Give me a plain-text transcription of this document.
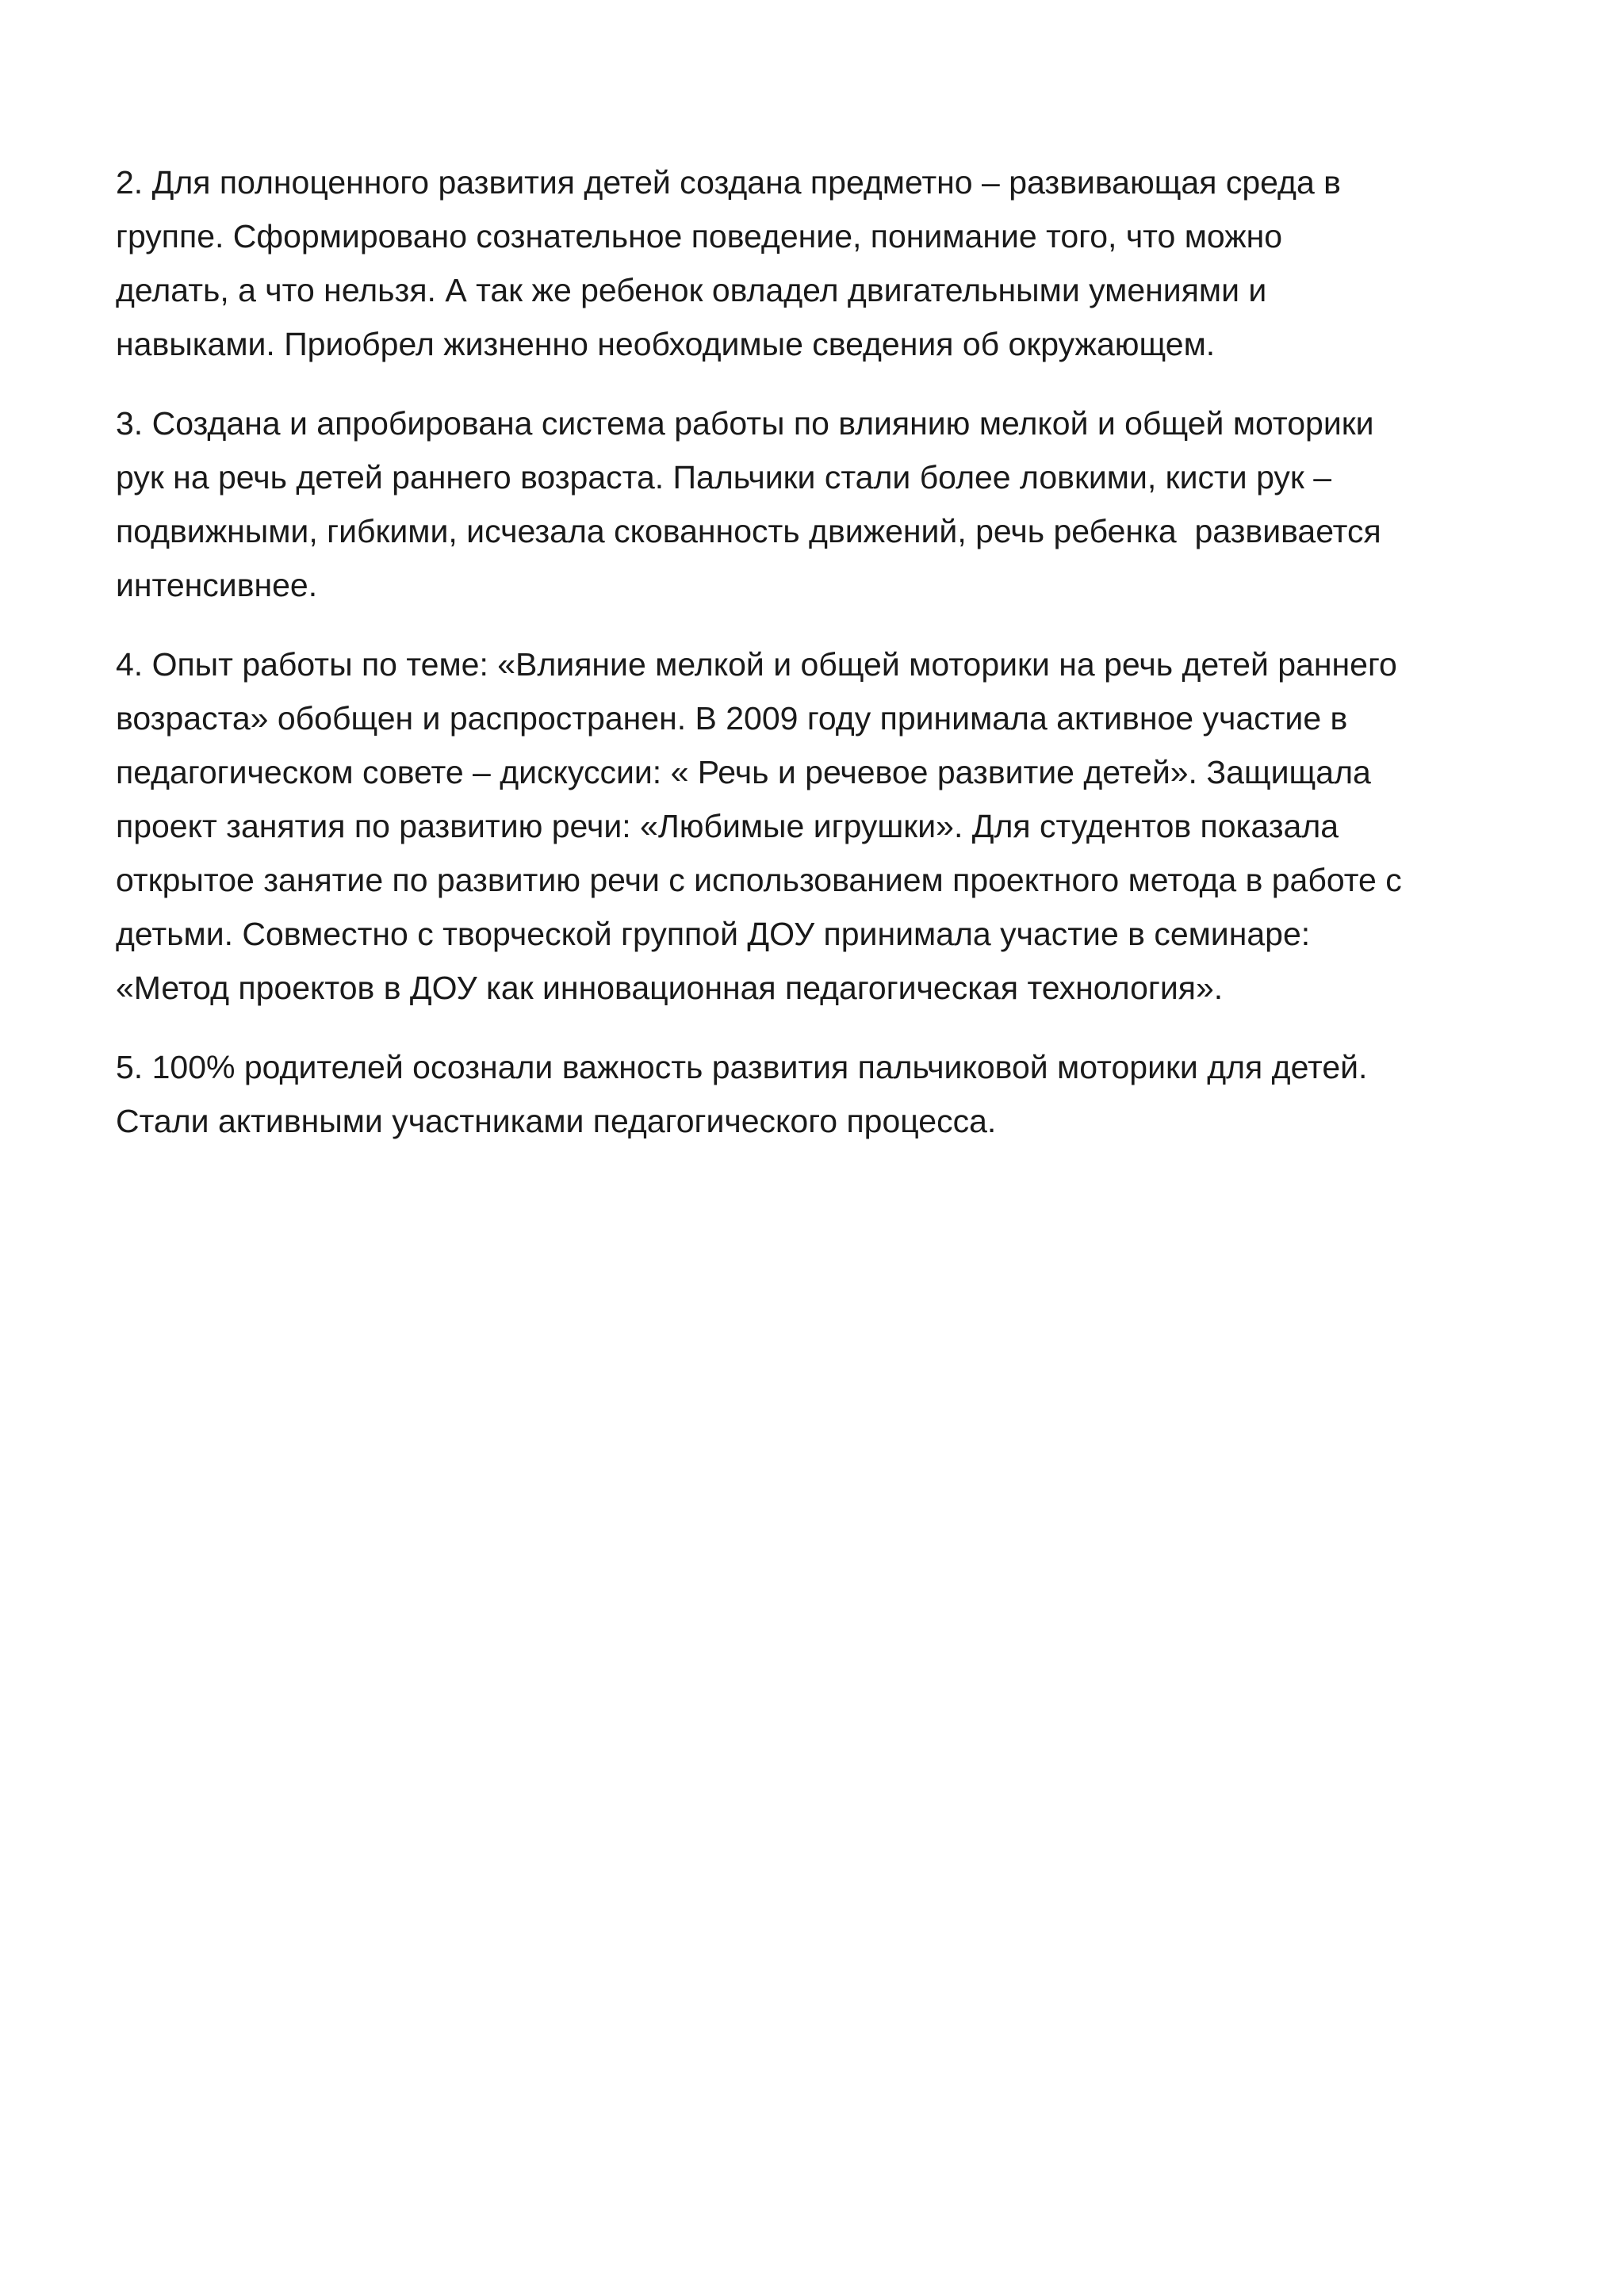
2. Для полноценного развития детей создана предметно – развивающая среда в
группе. Сформировано сознательное поведение, понимание того, что можно
делать, а что нельзя. А так же ребенок овладел двигательными умениями и
навыками. Приобрел жизненно необходимые сведения об окружающем.

3. Создана и апробирована система работы по влиянию мелкой и общей моторики
рук на речь детей раннего возраста. Пальчики стали более ловкими, кисти рук –
подвижными, гибкими, исчезала скованность движений, речь ребенка  развивается
интенсивнее.

4. Опыт работы по теме: «Влияние мелкой и общей моторики на речь детей раннего
возраста» обобщен и распространен. В 2009 году принимала активное участие в
педагогическом совете – дискуссии: « Речь и речевое развитие детей». Защищала
проект занятия по развитию речи: «Любимые игрушки». Для студентов показала
открытое занятие по развитию речи с использованием проектного метода в работе с
детьми. Совместно с творческой группой ДОУ принимала участие в семинаре:
«Метод проектов в ДОУ как инновационная педагогическая технология».

5. 100% родителей осознали важность развития пальчиковой моторики для детей.
Стали активными участниками педагогического процесса.
